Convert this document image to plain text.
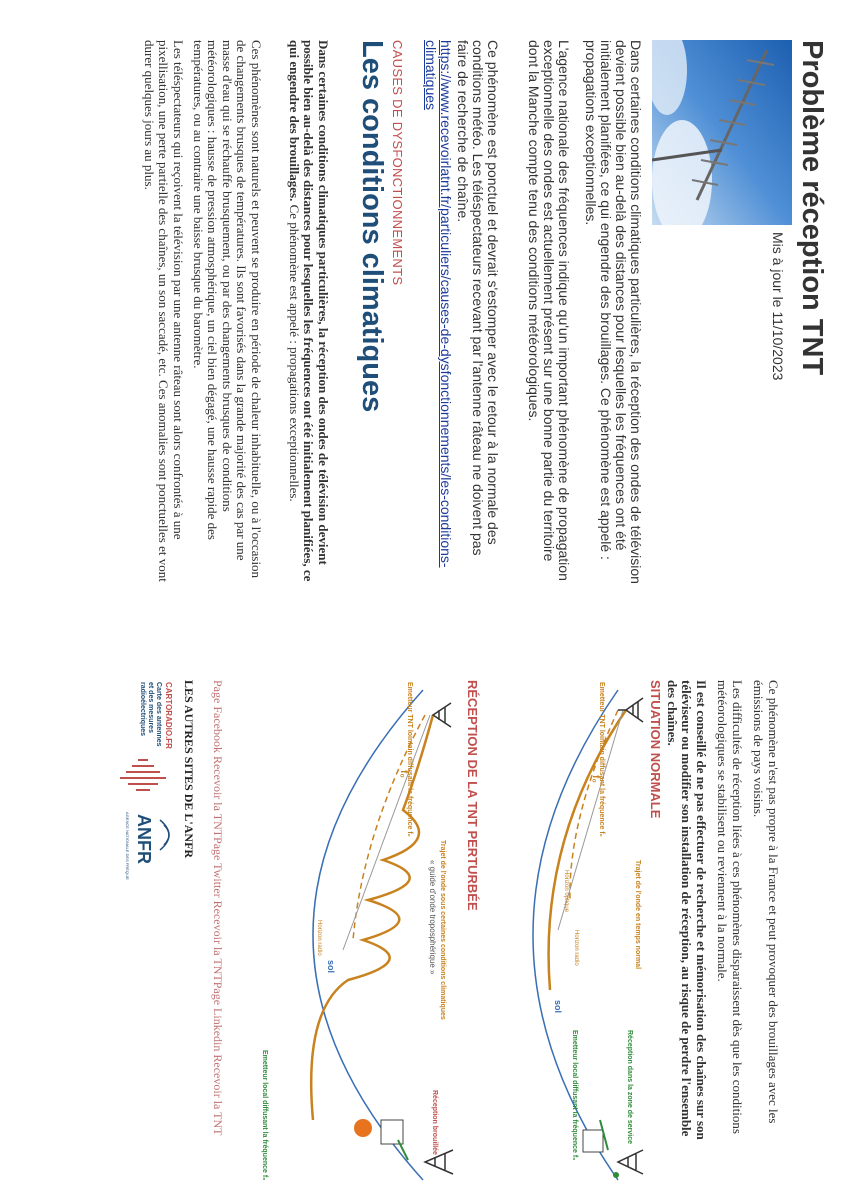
Problème réception TNT
Mis à jour le 11/10/2023

Dans certaines conditions climatiques particulières, la réception des ondes de télévision devient possible bien au-delà des distances pour lesquelles les fréquences ont été initialement planifiées, ce qui engendre des brouillages. Ce phénomène est appelé : propagations exceptionnelles.

L'agence nationale des fréquences indique qu'un important phénomène de propagation exceptionnelle des ondes est actuellement présent sur une bonne partie du territoire dont la Manche compte tenu des conditions météorologiques.

Ce phénomène est ponctuel et devrait s'estomper avec le retour à la normale des conditions météo. Les téléspectateurs recevant par l'antenne râteau ne doivent pas faire de recherche de chaîne.

https://www.recevoirlatnt.fr/particuliers/causes-de-dysfonctionnements/les-conditions-climatiques
CAUSES DE DYSFONCTIONNEMENTS
Les conditions climatiques

Dans certaines conditions climatiques particulières, la réception des ondes de télévision devient possible bien au-delà des distances pour lesquelles les fréquences ont été initialement planifiées, ce qui engendre des brouillages. Ce phénomène est appelé : propagations exceptionnelles.

Ces phénomènes sont naturels et peuvent se produire en période de chaleur inhabituelle, ou à l'occasion de changements brusques de températures. Ils sont favorisés dans la grande majorité des cas par une masse d'eau qui se réchauffe brusquement, ou par des changements brusques de conditions météorologiques : hausse de pression atmosphérique, un ciel bien dégagé, une hausse rapide des températures, ou au contraire une baisse brusque du baromètre.

Les téléspectateurs qui reçoivent la télévision par une antenne râteau sont alors confrontés à une pixellisation, une perte partielle des chaînes, un son saccadé, etc. Ces anomalies sont ponctuelles et vont durer quelques jours au plus.

Ce phénomène n'est pas propre à la France et peut provoquer des brouillages avec les émissions de pays voisins.

Les difficultés de réception liées à ces phénomènes disparaissent dès que les conditions météorologiques se stabilisent ou reviennent à la normale.

Il est conseillé de ne pas effectuer de recherche et mémorisation des chaînes sur son téléviseur ou modifier son installation de réception, au risque de perdre l'ensemble des chaînes.

SITUATION NORMALE
Trajet de l'onde en temps normal
f₀
Horizon optique
Horizon radio
sol
Emetteur TNT lointain diffusant la fréquence f₀
Réception dans la zone de service
Emetteur local diffusant la fréquence f₀
RÉCEPTION DE LA TNT PERTURBÉE
Trajet de l'onde sous certaines conditions climatiques
« guide d'onde troposphérique »
f₀
Horizon radio
sol
Emetteur TNT lointain diffusant la fréquence f₀
Réception brouillée
Emetteur local diffusant la fréquence f₀
Page Facebook Recevoir la TNTPage Twitter Recevoir la TNTPage Linkedin Recevoir la TNT
LES AUTRES SITES DE L'ANFR
CARTORADIO.FR
Carte des antennes et des mesures radioélectriques
ANFR
AGENCE NATIONALE DES FRÉQUENCES
